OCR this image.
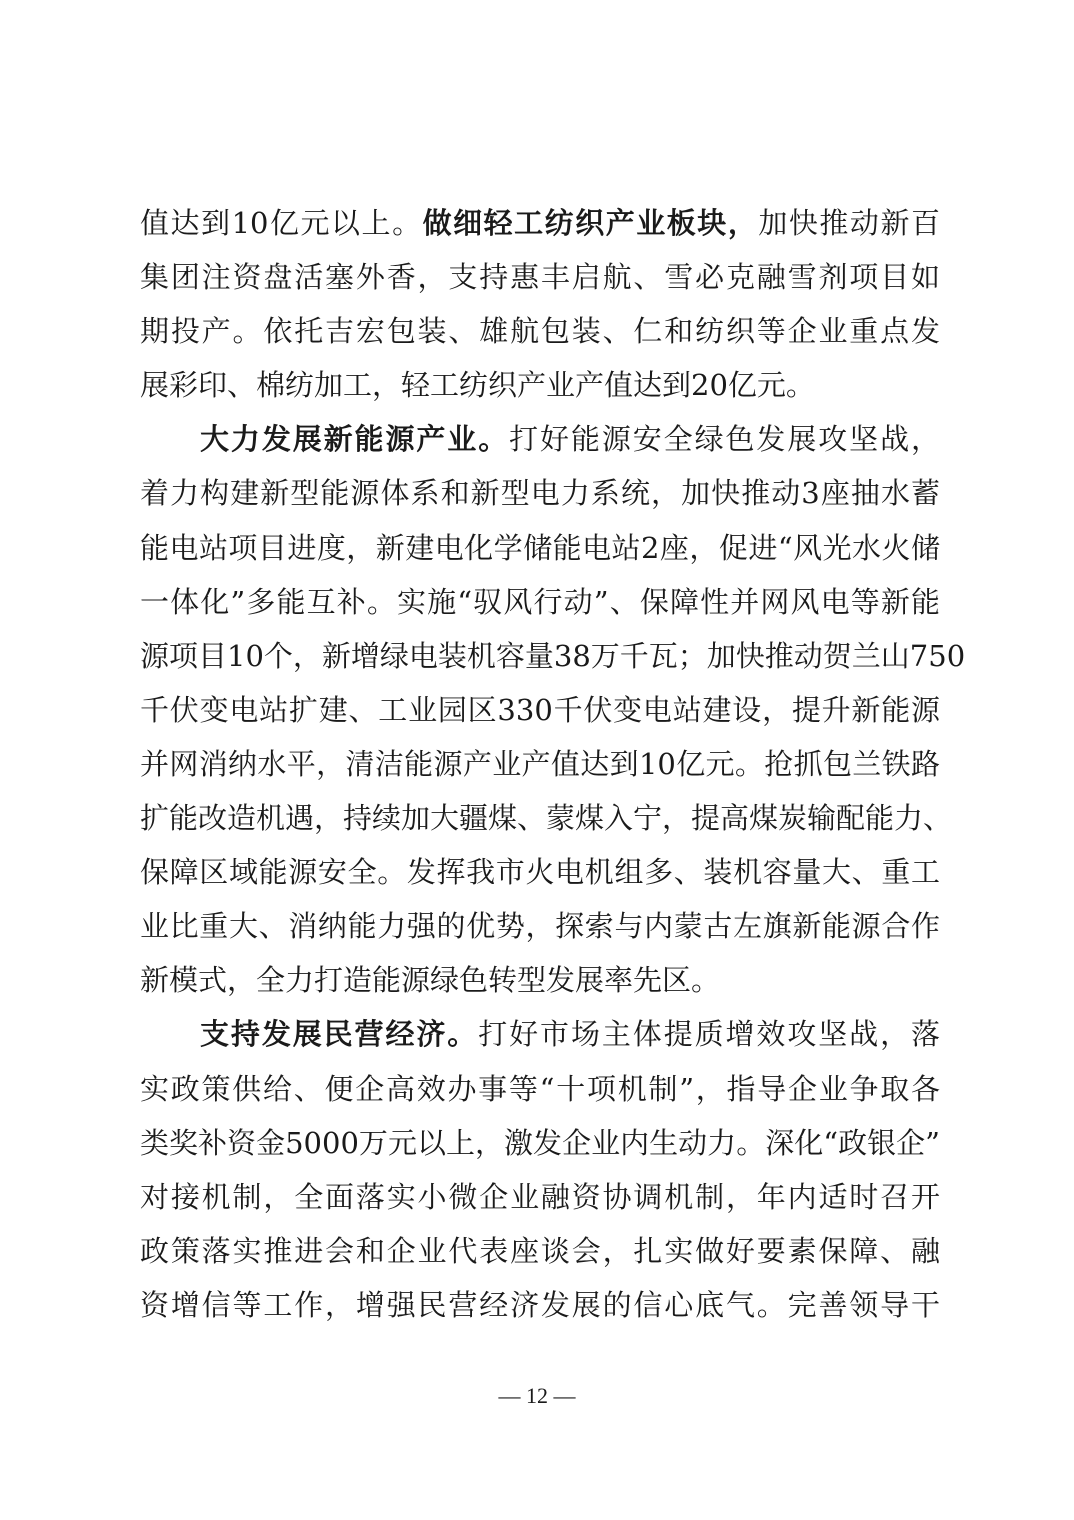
值达到10亿元以上。做细轻工纺织产业板块，加快推动新百
集团注资盘活塞外香，支持惠丰启航、雪必克融雪剂项目如
期投产。依托吉宏包装、雄航包装、仁和纺织等企业重点发
展彩印、棉纺加工，轻工纺织产业产值达到20亿元。
大力发展新能源产业。打好能源安全绿色发展攻坚战，
着力构建新型能源体系和新型电力系统，加快推动3座抽水蓄
能电站项目进度，新建电化学储能电站2座，促进“风光水火储
一体化”多能互补。实施“驭风行动”、保障性并网风电等新能
源项目10个，新增绿电装机容量38万千瓦；加快推动贺兰山750
千伏变电站扩建、工业园区330千伏变电站建设，提升新能源
并网消纳水平，清洁能源产业产值达到10亿元。抢抓包兰铁路
扩能改造机遇，持续加大疆煤、蒙煤入宁，提高煤炭输配能力、
保障区域能源安全。发挥我市火电机组多、装机容量大、重工
业比重大、消纳能力强的优势，探索与内蒙古左旗新能源合作
新模式，全力打造能源绿色转型发展率先区。
支持发展民营经济。打好市场主体提质增效攻坚战，落
实政策供给、便企高效办事等“十项机制”，指导企业争取各
类奖补资金5000万元以上，激发企业内生动力。深化“政银企”
对接机制，全面落实小微企业融资协调机制，年内适时召开
政策落实推进会和企业代表座谈会，扎实做好要素保障、融
资增信等工作，增强民营经济发展的信心底气。完善领导干
— 12 —
